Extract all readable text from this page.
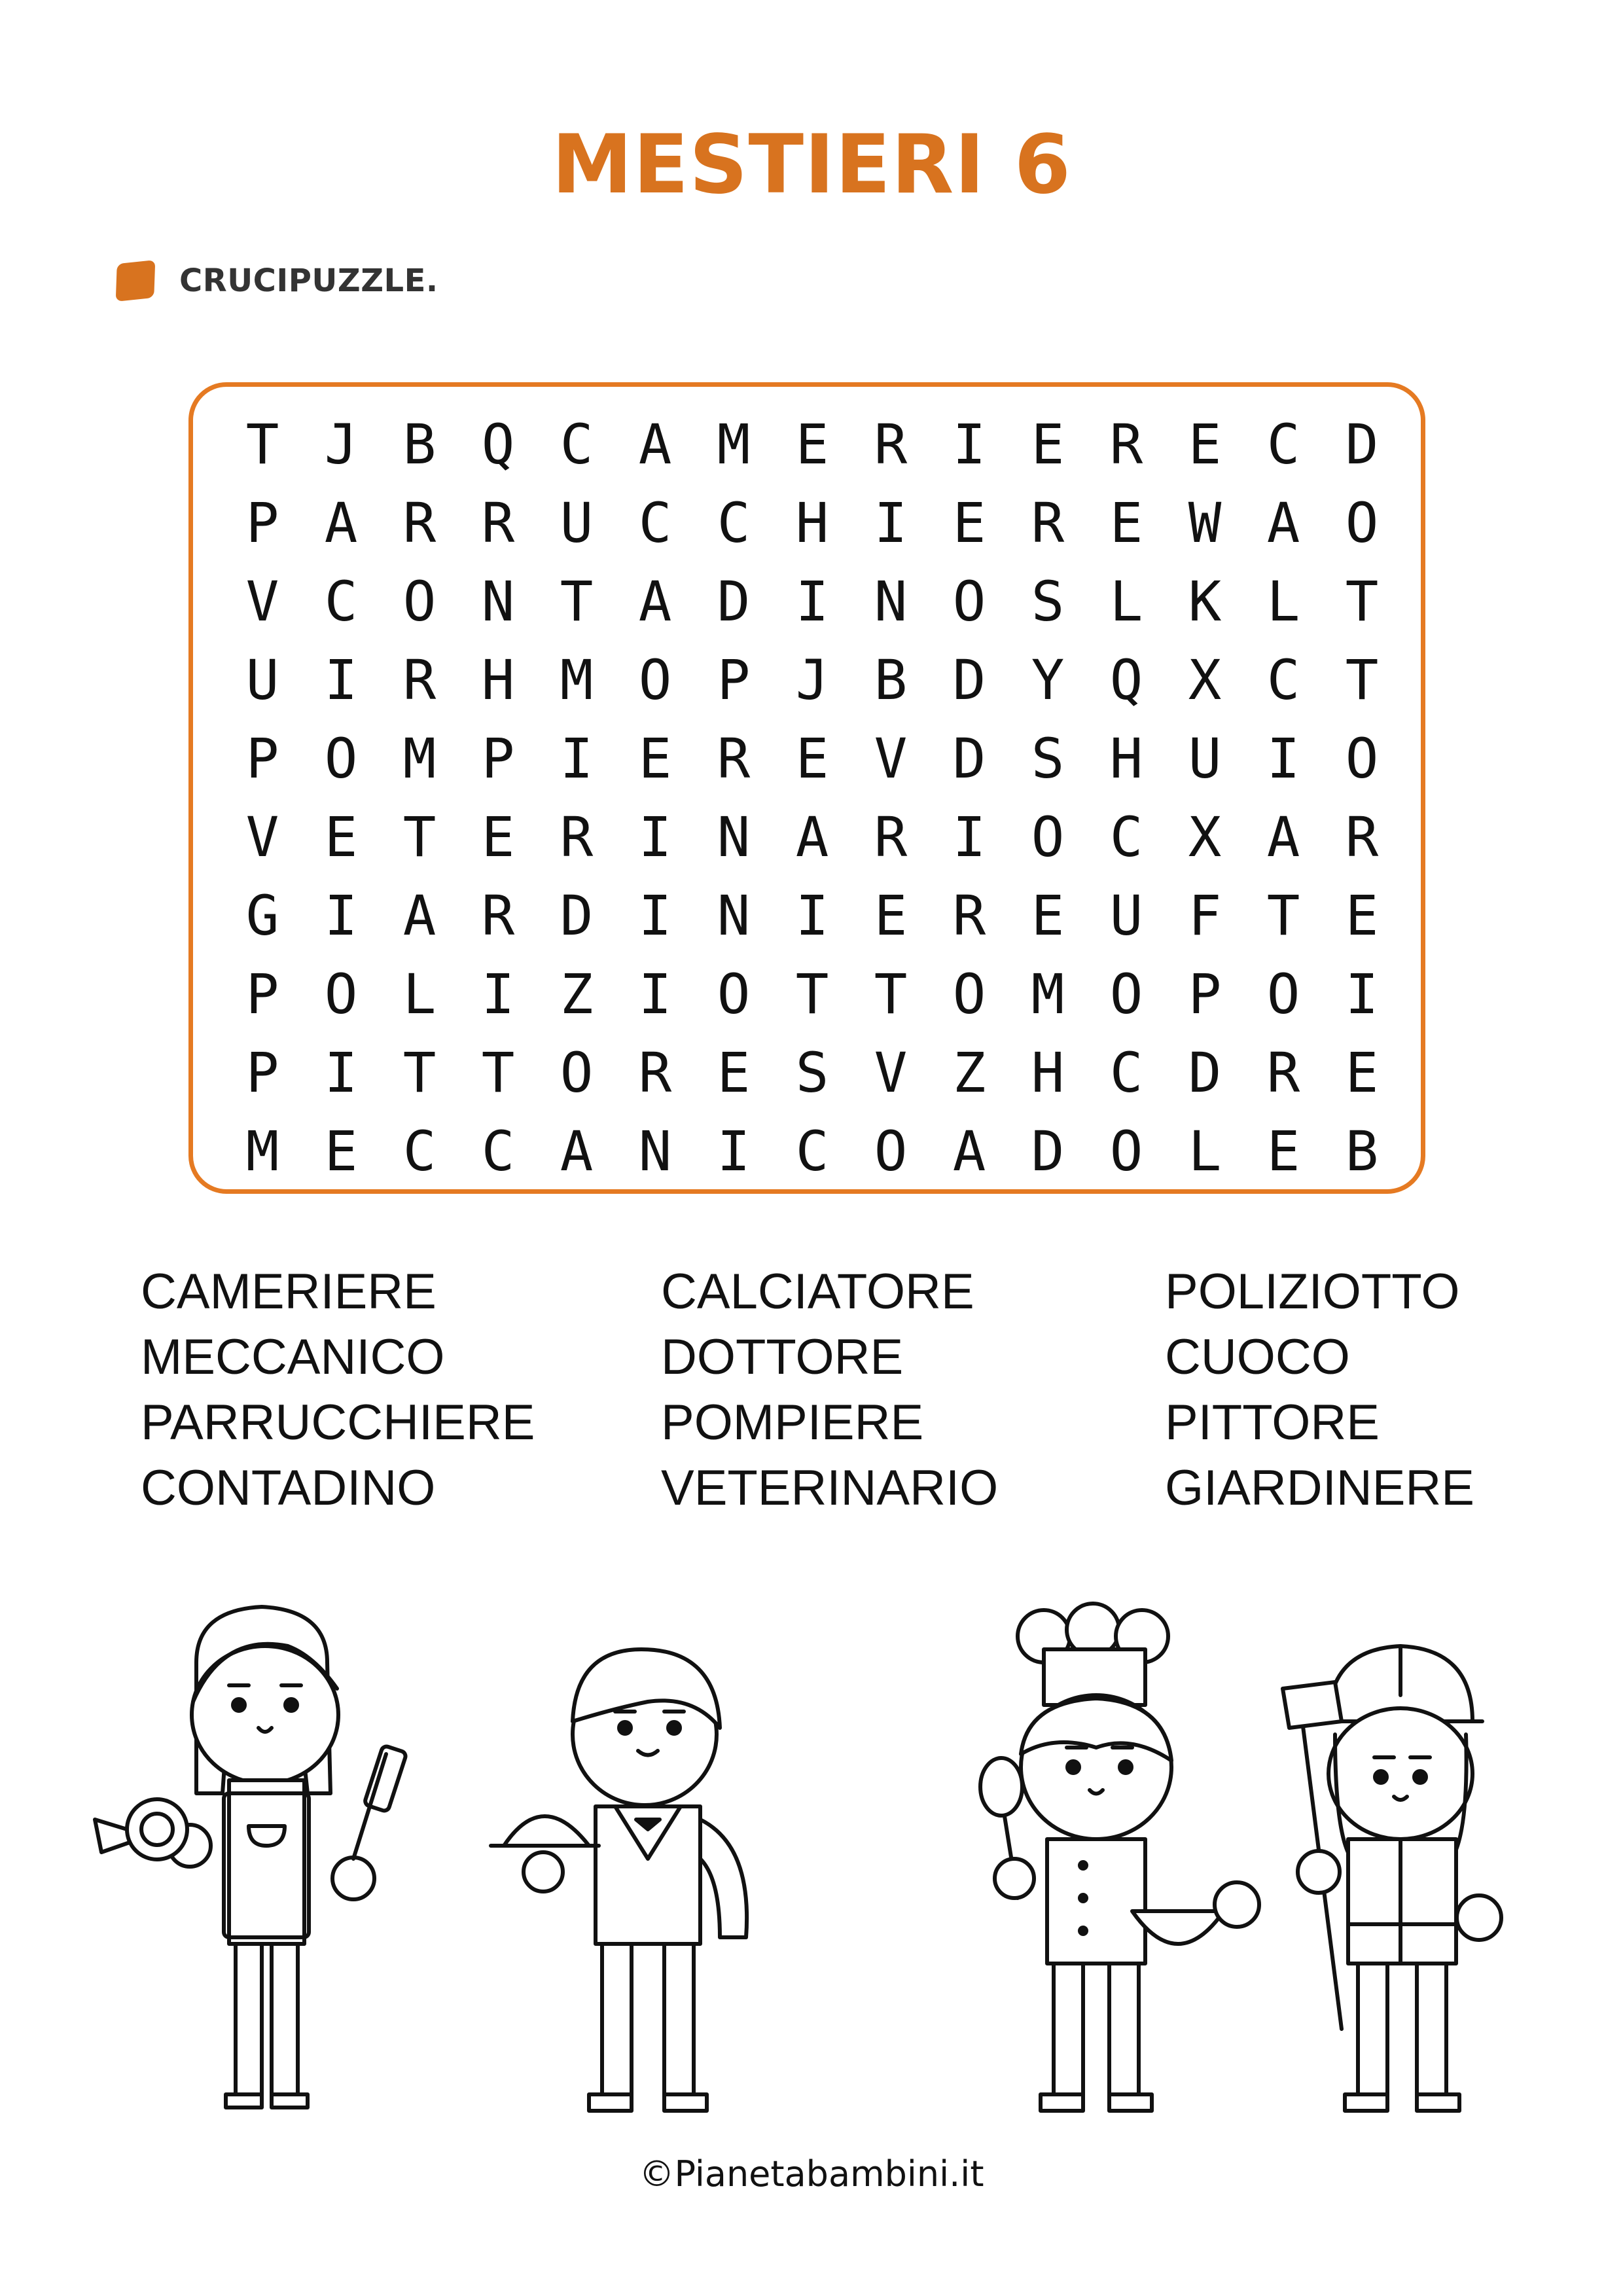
MESTIERI 6
CRUCIPUZZLE.
T J B Q C A M E R I E R E C D
P A R R U C C H I E R E W A O
V C O N T A D I N O S L K L T
U I R H M O P J B D Y Q X C T
P O M P I E R E V D S H U I O
V E T E R I N A R I O C X A R
G I A R D I N I E R E U F T E
P O L I Z I O T T O M O P O I
P I T T O R E S V Z H C D R E
M E C C A N I C O A D O L E B
CAMERIERE	CALCIATORE	POLIZIOTTO
MECCANICO	DOTTORE	CUOCO
PARRUCCHIERE	POMPIERE	PITTORE
CONTADINO	VETERINARIO	GIARDINERE
©Pianetabambini.it
